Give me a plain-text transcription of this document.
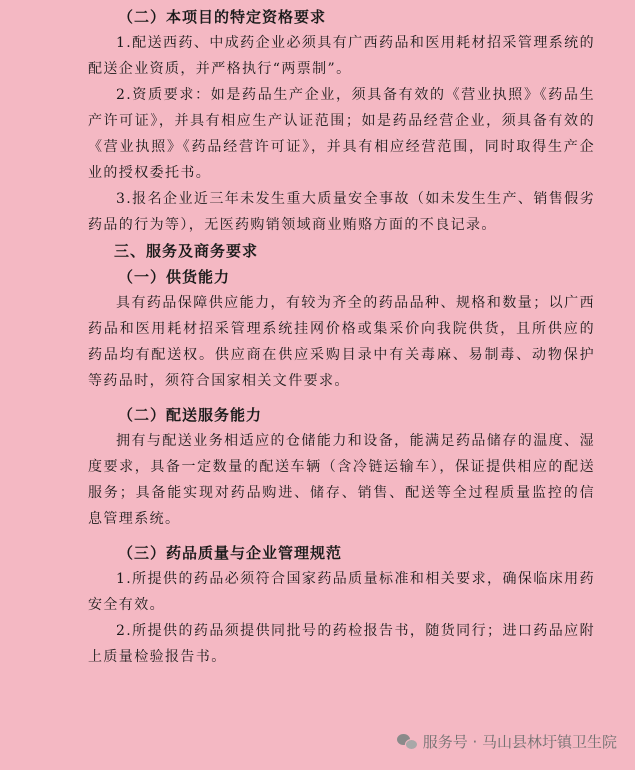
（二）本项目的特定资格要求
1.配送西药、中成药企业必须具有广西药品和医用耗材招采管理系统的配送企业资质，并严格执行“两票制”。
2.资质要求：如是药品生产企业，须具备有效的《营业执照》《药品生产许可证》，并具有相应生产认证范围；如是药品经营企业，须具备有效的《营业执照》《药品经营许可证》，并具有相应经营范围，同时取得生产企业的授权委托书。
3.报名企业近三年未发生重大质量安全事故（如未发生生产、销售假劣药品的行为等），无医药购销领域商业贿赂方面的不良记录。
三、服务及商务要求
（一）供货能力
具有药品保障供应能力，有较为齐全的药品品种、规格和数量；以广西药品和医用耗材招采管理系统挂网价格或集采价向我院供货，且所供应的药品均有配送权。供应商在供应采购目录中有关毒麻、易制毒、动物保护等药品时，须符合国家相关文件要求。
（二）配送服务能力
拥有与配送业务相适应的仓储能力和设备，能满足药品储存的温度、湿度要求，具备一定数量的配送车辆（含冷链运输车），保证提供相应的配送服务；具备能实现对药品购进、储存、销售、配送等全过程质量监控的信息管理系统。
（三）药品质量与企业管理规范
1.所提供的药品必须符合国家药品质量标准和相关要求，确保临床用药安全有效。
2.所提供的药品须提供同批号的药检报告书，随货同行；进口药品应附上质量检验报告书。
服务号 · 马山县林圩镇卫生院
